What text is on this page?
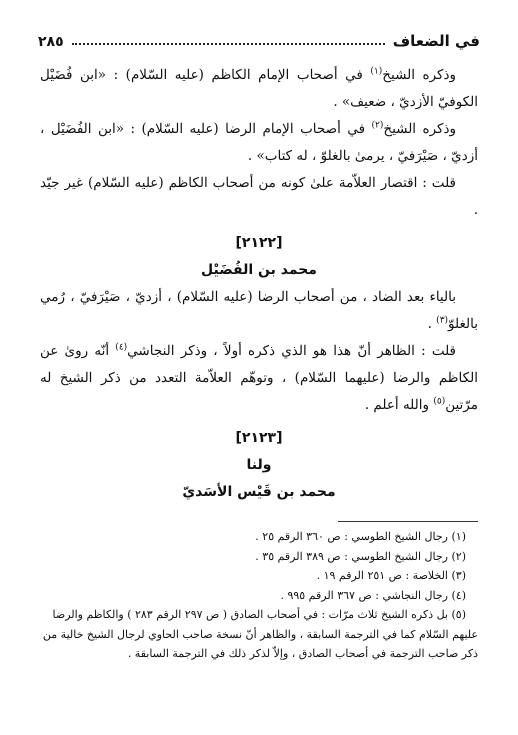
في الضعاف
٢٨٥

وذكره الشيخ$^{(١)}$ في أصحاب الإمام الكاظم (عليه السّلام) : «ابن فُضَيْل الكوفيّ الأزديّ ، ضعيف» .

وذكره الشيخ$^{(٢)}$ في أصحاب الإمام الرضا (عليه السّلام) : «ابن الفُضَيْل ، أزديّ ، صَيْرَفيّ ، يرمىٰ بالغلوّ ، له كتاب» .

قلت : اقتصار العلاّمة علىٰ كونه من أصحاب الكاظم (عليه السّلام) غير جيّد .

[٢١٢٢]
محمد بن الفُضَيْل

بالياء بعد الضاد ، من أصحاب الرضا (عليه السّلام) ، أزديّ ، صَيْرَفيّ ، رُمي بالغلوّ$^{(٣)}$ .

قلت : الظاهر أنّ هذا هو الذي ذكره أولاً ، وذكر النجاشي$^{(٤)}$ أنّه روىٰ عن الكاظم والرضا (عليهما السّلام) ، وتوهّم العلاّمة التعدد من ذكر الشيخ له مرّتين$^{(٥)}$ والله أعلم .

[٢١٢٣]
ولنا
محمد بن قَيْس الأسَديّ

(١) رجال الشيخ الطوسي : ص ٣٦٠ الرقم ٢٥ .

(٢) رجال الشيخ الطوسي : ص ٣٨٩ الرقم ٣٥ .

(٣) الخلاصة : ص ٢٥١ الرقم ١٩ .

(٤) رجال النجاشي : ص ٣٦٧ الرقم ٩٩٥ .

(٥) بل ذكره الشيخ ثلاث مرّات : في أصحاب الصادق ( ص ٢٩٧ الرقم ٢٨٣ ) والكاظم والرضا

عليهم السّلام كما في الترجمة السابقة ، والظاهر أنّ نسخة صاحب الحاوي لرجال الشيخ خالية من

ذكر صاحب الترجمة في أصحاب الصادق ، وإلاّ لذكر ذلك في الترجمة السابقة .
